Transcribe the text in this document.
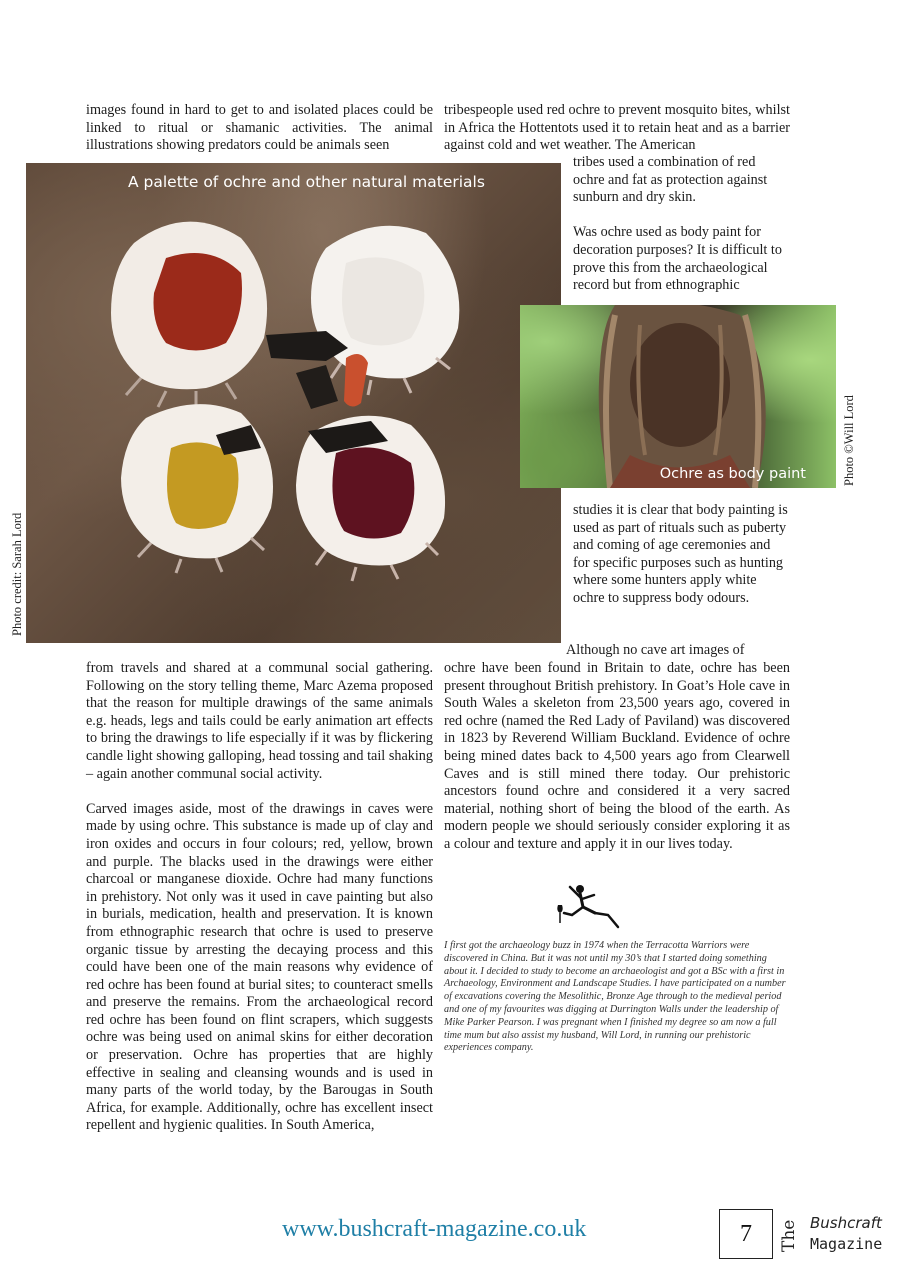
images found in hard to get to and isolated places could be linked to ritual or shamanic activities. The animal illustrations showing predators could be animals seen

tribespeople used red ochre to prevent mosquito bites, whilst in Africa the Hottentots used it to retain heat and as a barrier against cold and wet weather. The American

tribes used a combination of red ochre and fat as protection against sunburn and dry skin.

Was ochre used as body paint for decoration purposes? It is difficult to prove this from the archaeological record but from ethnographic

A palette of ochre and other natural materials
Photo credit: Sarah Lord
Ochre as body paint	Photo ©Will Lord

studies it is clear that body painting is used as part of rituals such as puberty and coming of age ceremonies and for specific purposes such as hunting where some hunters apply white ochre to suppress body odours.

Although no cave art images of

ochre have been found in Britain to date, ochre has been present throughout British prehistory. In Goat’s Hole cave in South Wales a skeleton from 23,500 years ago, covered in red ochre (named the Red Lady of Paviland) was discovered in 1823 by Reverend William Buckland. Evidence of ochre being mined dates back to 4,500 years ago from Clearwell Caves and is still mined there today. Our prehistoric ancestors found ochre and considered it a very sacred material, nothing short of being the blood of the earth. As modern people we should seriously consider exploring it as a colour and texture and apply it in our lives today.

from travels and shared at a communal social gathering. Following on the story telling theme, Marc Azema proposed that the reason for multiple drawings of the same animals e.g. heads, legs and tails could be early animation art effects to bring the drawings to life especially if it was by flickering candle light showing galloping, head tossing and tail shaking – again another communal social activity.

Carved images aside, most of the drawings in caves were made by using ochre. This substance is made up of clay and iron oxides and occurs in four colours; red, yellow, brown and purple. The blacks used in the drawings were either charcoal or manganese dioxide. Ochre had many functions in prehistory. Not only was it used in cave painting but also in burials, medication, health and preservation. It is known from ethnographic research that ochre is used to preserve organic tissue by arresting the decaying process and this could have been one of the main reasons why evidence of red ochre has been found at burial sites; to counteract smells and preserve the remains. From the archaeological record red ochre has been found on flint scrapers, which suggests ochre was being used on animal skins for either decoration or preservation. Ochre has properties that are highly effective in sealing and cleansing wounds and is used in many parts of the world today, by the Barougas in South Africa, for example. Additionally, ochre has excellent insect repellent and hygienic qualities. In South America,

I first got the archaeology buzz in 1974 when the Terracotta Warriors were discovered in China. But it was not until my 30’s that I started doing something about it. I decided to study to become an archaeologist and got a BSc with a first in Archaeology, Environment and Landscape Studies. I have participated on a number of excavations covering the Mesolithic, Bronze Age through to the medieval period and one of my favourites was digging at Durrington Walls under the leadership of Mike Parker Pearson. I was pregnant when I finished my degree so am now a full time mum but also assist my husband, Will Lord, in running our prehistoric experiences company.

www.bushcraft-magazine.co.uk	7	The Bushcraft
Magazine
